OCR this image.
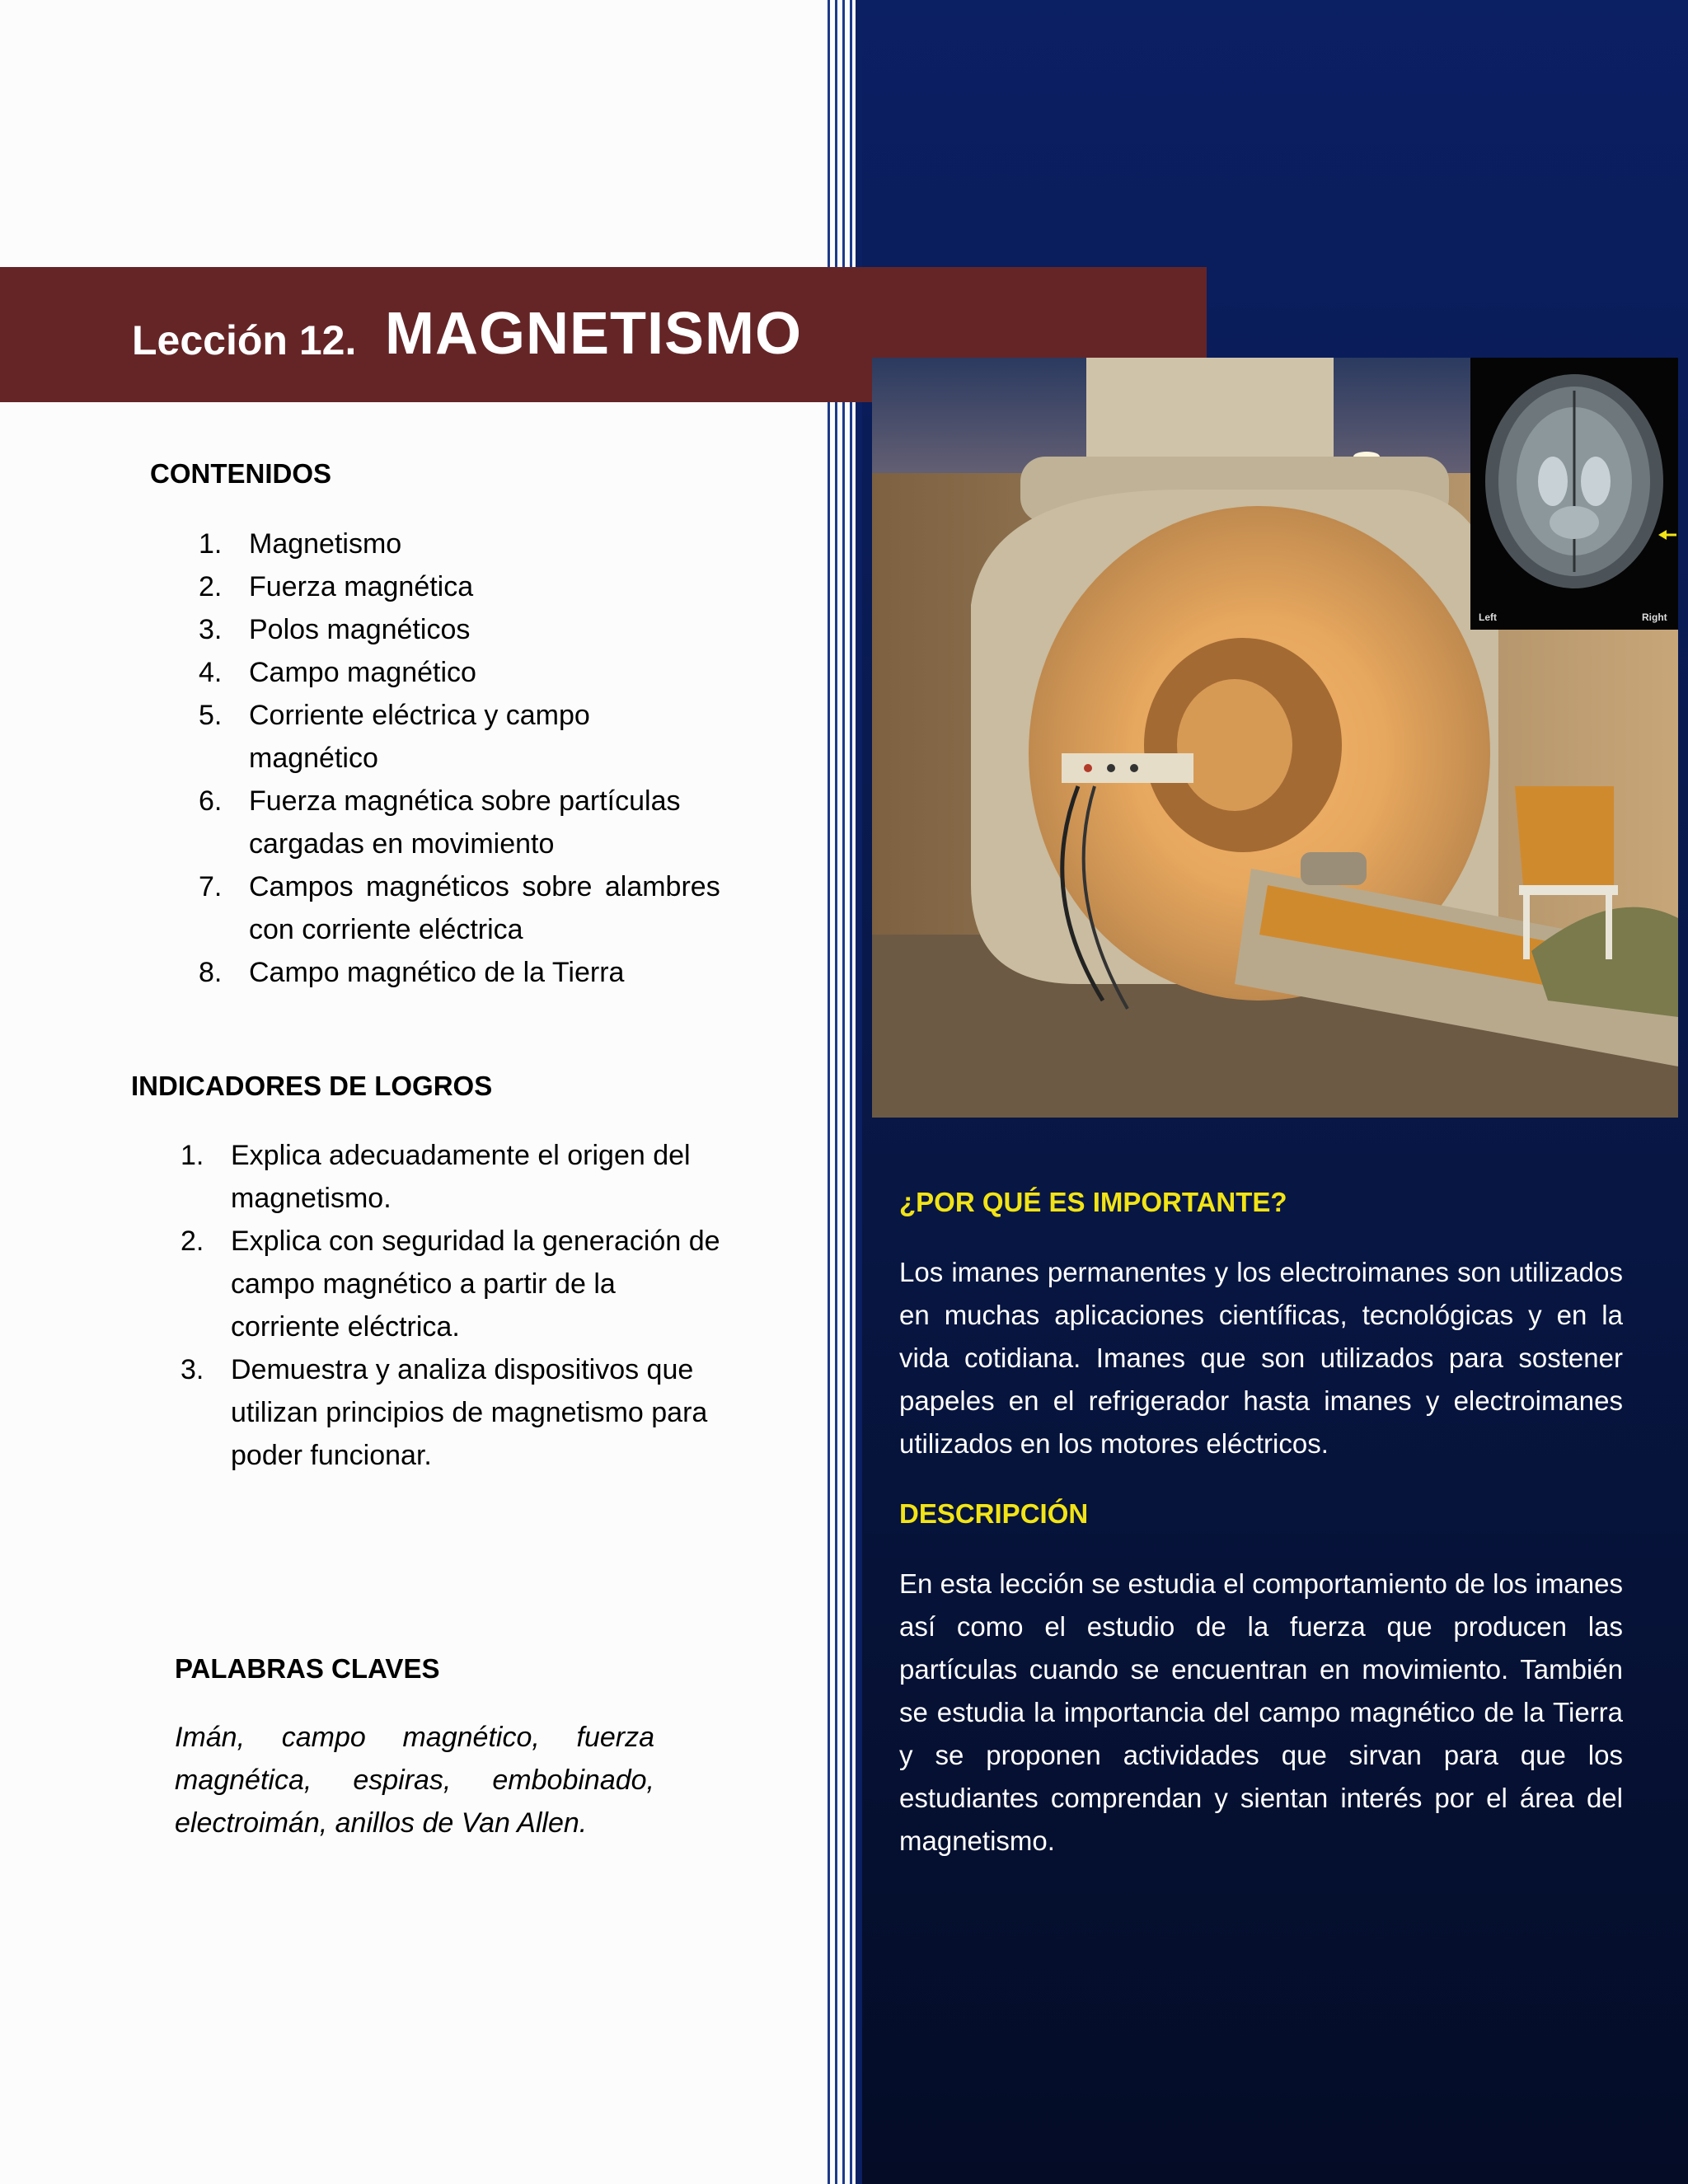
Lección 12. MAGNETISMO
CONTENIDOS
1. Magnetismo
2. Fuerza magnética
3. Polos magnéticos
4. Campo magnético
5. Corriente eléctrica y campo
magnético
6. Fuerza magnética sobre partículas
cargadas en movimiento
7. Campos magnéticos sobre alambres
con corriente eléctrica
8. Campo magnético de la Tierra
INDICADORES DE LOGROS
1. Explica adecuadamente el origen del
magnetismo.
2. Explica con seguridad la generación de
campo magnético a partir de la
corriente eléctrica.
3. Demuestra y analiza dispositivos que
utilizan principios de magnetismo para
poder funcionar.
PALABRAS CLAVES

Imán, campo magnético, fuerza magnética, espiras, embobinado, electroimán, anillos de Van Allen.

Left	Right
¿POR QUÉ ES IMPORTANTE?

Los imanes permanentes y los electroimanes son utilizados en muchas aplicaciones científicas, tecnológicas y en la vida cotidiana. Imanes que son utilizados para sostener papeles en el refrigerador hasta imanes y electroimanes utilizados en los motores eléctricos.

DESCRIPCIÓN

En esta lección se estudia el comportamiento de los imanes así como el estudio de la fuerza que producen las partículas cuando se encuentran en movimiento. También se estudia la importancia del campo magnético de la Tierra y se proponen actividades que sirvan para que los estudiantes comprendan y sientan interés por el área del magnetismo.
